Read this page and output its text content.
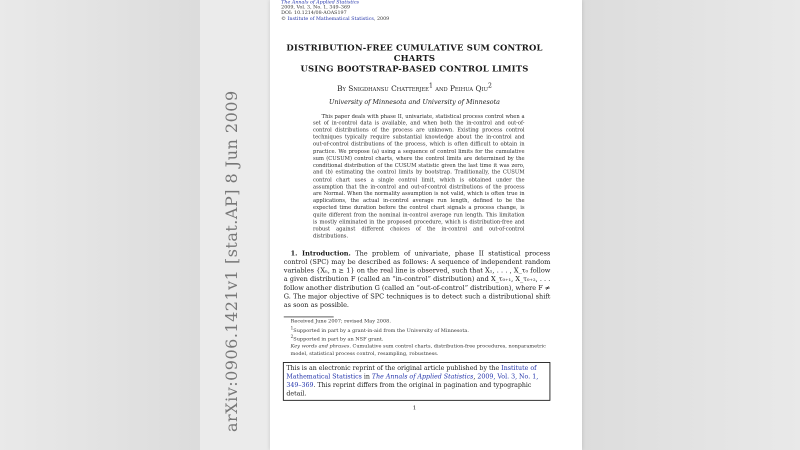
arXiv:0906.1421v1 [stat.AP] 8 Jun 2009
The Annals of Applied Statistics
2009, Vol. 3, No. 1, 349–369
DOI: 10.1214/08-AOAS197
© Institute of Mathematical Statistics, 2009
DISTRIBUTION-FREE CUMULATIVE SUM CONTROL CHARTS
USING BOOTSTRAP-BASED CONTROL LIMITS
By Snigdhansu Chatterjee$^1$ and Peihua Qiu$^2$
University of Minnesota and University of Minnesota
This paper deals with phase II, univariate, statistical process control when a set of in-control data is available, and when both the in-control and out-of-control distributions of the process are unknown. Existing process control techniques typically require substantial knowledge about the in-control and out-of-control distributions of the process, which is often difficult to obtain in practice. We propose (a) using a sequence of control limits for the cumulative sum (CUSUM) control charts, where the control limits are determined by the conditional distribution of the CUSUM statistic given the last time it was zero, and (b) estimating the control limits by bootstrap. Traditionally, the CUSUM control chart uses a single control limit, which is obtained under the assumption that the in-control and out-of-control distributions of the process are Normal. When the normality assumption is not valid, which is often true in applications, the actual in-control average run length, defined to be the expected time duration before the control chart signals a process change, is quite different from the nominal in-control average run length. This limitation is mostly eliminated in the proposed procedure, which is distribution-free and robust against different choices of the in-control and out-of-control distributions.
1. Introduction. The problem of univariate, phase II statistical process control (SPC) may be described as follows: A sequence of independent random variables {Xₙ, n ≥ 1} on the real line is observed, such that X₁, . . . , X_τ₀ follow a given distribution F (called an “in-control” distribution) and X_τ₀₊₁, X_τ₀₊₂, . . . follow another distribution G (called an “out-of-control” distribution), where F ≠ G. The major objective of SPC techniques is to detect such a distributional shift as soon as possible.
Received June 2007; revised May 2008.
$^1$Supported in part by a grant-in-aid from the University of Minnesota.
$^2$Supported in part by an NSF grant.
Key words and phrases. Cumulative sum control charts, distribution-free procedures, nonparametric model, statistical process control, resampling, robustness.
This is an electronic reprint of the original article published by the Institute of Mathematical Statistics in The Annals of Applied Statistics, 2009, Vol. 3, No. 1, 349–369. This reprint differs from the original in pagination and typographic detail.
1
